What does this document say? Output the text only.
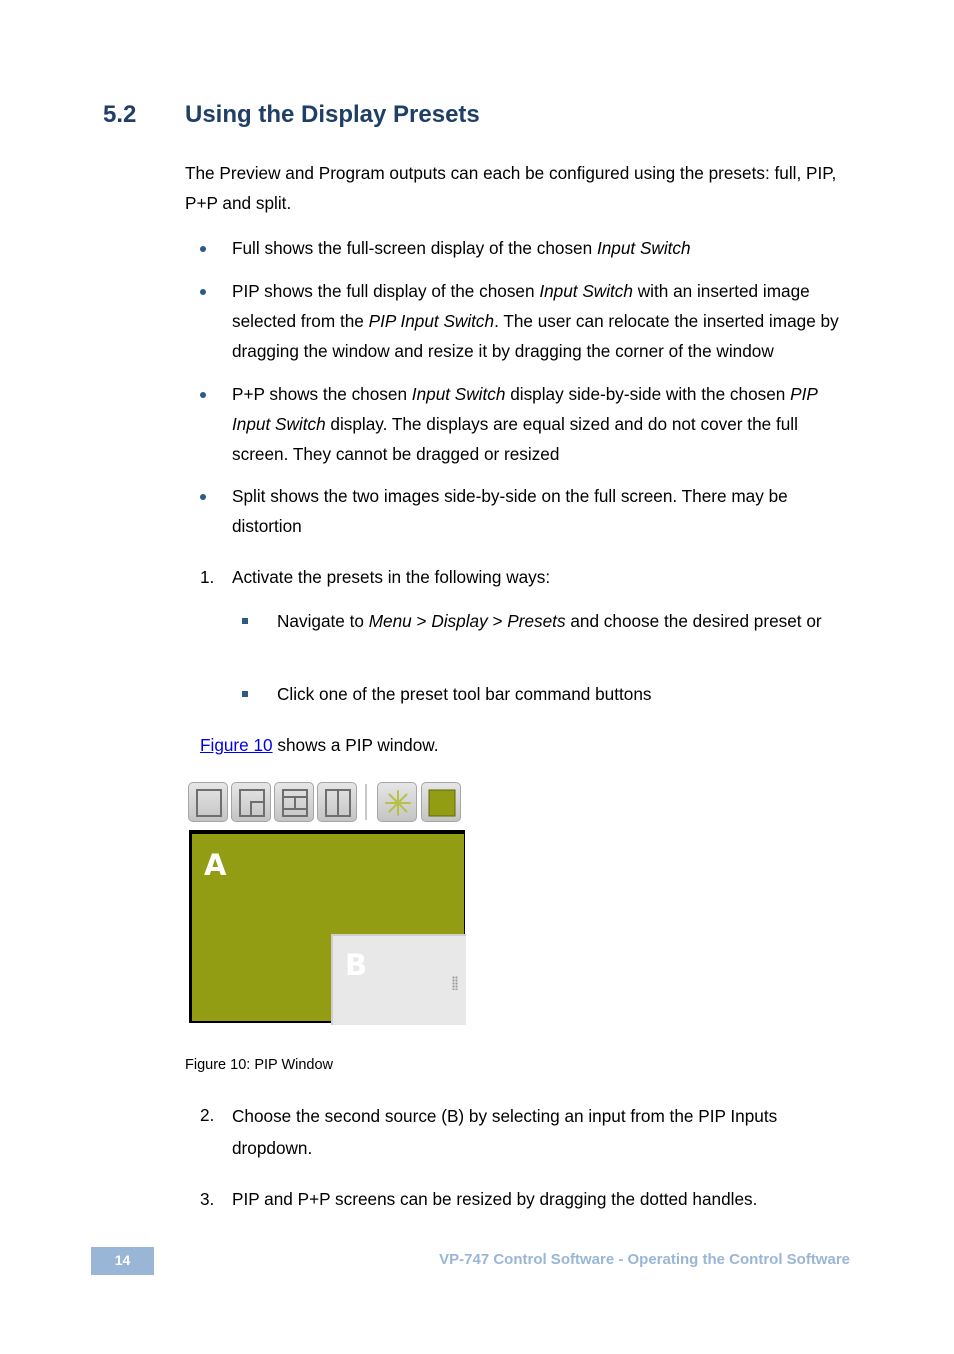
5.2 Using the Display Presets
The Preview and Program outputs can each be configured using the presets: full, PIP, P+P and split.
Full shows the full-screen display of the chosen Input Switch
PIP shows the full display of the chosen Input Switch with an inserted image selected from the PIP Input Switch. The user can relocate the inserted image by dragging the window and resize it by dragging the corner of the window
P+P shows the chosen Input Switch display side-by-side with the chosen PIP Input Switch display. The displays are equal sized and do not cover the full screen. They cannot be dragged or resized
Split shows the two images side-by-side on the full screen. There may be distortion
1. Activate the presets in the following ways:
Navigate to Menu > Display > Presets and choose the desired preset or
Click one of the preset tool bar command buttons
Figure 10 shows a PIP window.
A
B
Figure 10: PIP Window
2. Choose the second source (B) by selecting an input from the PIP Inputs dropdown.
3. PIP and P+P screens can be resized by dragging the dotted handles.
14	VP-747 Control Software - Operating the Control Software
